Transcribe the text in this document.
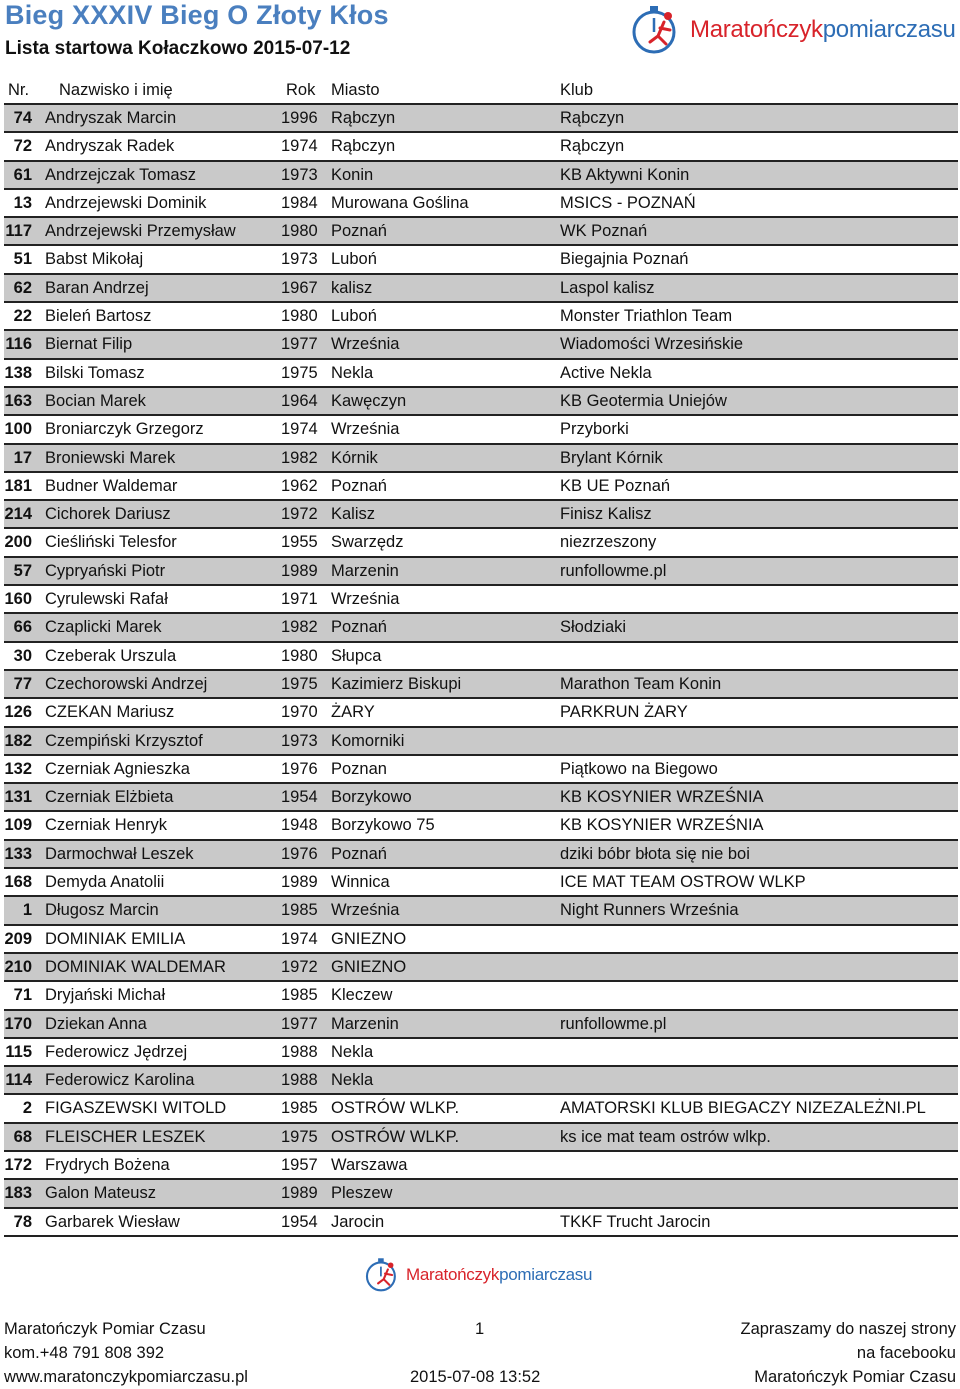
Bieg XXXIV Bieg O Złoty Kłos
Lista startowa Kołaczkowo 2015-07-12
Maratończykpomiarczasu
Nr. Nazwisko i imię	Rok Miasto	Klub
74 Andryszak Marcin	1996 Rąbczyn	Rąbczyn
72 Andryszak Radek	1974 Rąbczyn	Rąbczyn
61 Andrzejczak Tomasz	1973 Konin	KB Aktywni Konin
13 Andrzejewski Dominik	1984 Murowana Goślina	MSICS - POZNAŃ
117 Andrzejewski Przemysław	1980 Poznań	WK Poznań
51 Babst Mikołaj	1973 Luboń	Biegajnia Poznań
62 Baran Andrzej	1967 kalisz	Laspol kalisz
22 Bieleń Bartosz	1980 Luboń	Monster Triathlon Team
116 Biernat Filip	1977 Września	Wiadomości Wrzesińskie
138 Bilski Tomasz	1975 Nekla	Active Nekla
163 Bocian Marek	1964 Kawęczyn	KB Geotermia Uniejów
100 Broniarczyk Grzegorz	1974 Września	Przyborki
17 Broniewski Marek	1982 Kórnik	Brylant Kórnik
181 Budner Waldemar	1962 Poznań	KB UE Poznań
214 Cichorek Dariusz	1972 Kalisz	Finisz Kalisz
200 Cieśliński Telesfor	1955 Swarzędz	niezrzeszony
57 Cypryański Piotr	1989 Marzenin	runfollowme.pl
160 Cyrulewski Rafał	1971 Września
66 Czaplicki Marek	1982 Poznań	Słodziaki
30 Czeberak Urszula	1980 Słupca
77 Czechorowski Andrzej	1975 Kazimierz Biskupi	Marathon Team Konin
126 CZEKAN Mariusz	1970 ŻARY	PARKRUN ŻARY
182 Czempiński Krzysztof	1973 Komorniki
132 Czerniak Agnieszka	1976 Poznan	Piątkowo na Biegowo
131 Czerniak Elżbieta	1954 Borzykowo	KB KOSYNIER WRZEŚNIA
109 Czerniak Henryk	1948 Borzykowo 75	KB KOSYNIER WRZEŚNIA
133 Darmochwał Leszek	1976 Poznań	dziki bóbr błota się nie boi
168 Demyda Anatolii	1989 Winnica	ICE MAT TEAM OSTROW WLKP
1 Długosz Marcin	1985 Września	Night Runners Września
209 DOMINIAK EMILIA	1974 GNIEZNO
210 DOMINIAK WALDEMAR	1972 GNIEZNO
71 Dryjański Michał	1985 Kleczew
170 Dziekan Anna	1977 Marzenin	runfollowme.pl
115 Federowicz Jędrzej	1988 Nekla
114 Federowicz Karolina	1988 Nekla
2 FIGASZEWSKI WITOLD	1985 OSTRÓW WLKP.	AMATORSKI KLUB BIEGACZY NIZEZALEŻNI.PL
68 FLEISCHER LESZEK	1975 OSTRÓW WLKP.	ks ice mat team ostrów wlkp.
172 Frydrych Bożena	1957 Warszawa
183 Galon Mateusz	1989 Pleszew
78 Garbarek Wiesław	1954 Jarocin	TKKF Trucht Jarocin
Maratończykpomiarczasu
Maratończyk Pomiar Czasu
kom.+48 791 808 392
www.maratonczykpomiarczasu.pl
1
2015-07-08 13:52
Zapraszamy do naszej strony
na facebooku
Maratończyk Pomiar Czasu
